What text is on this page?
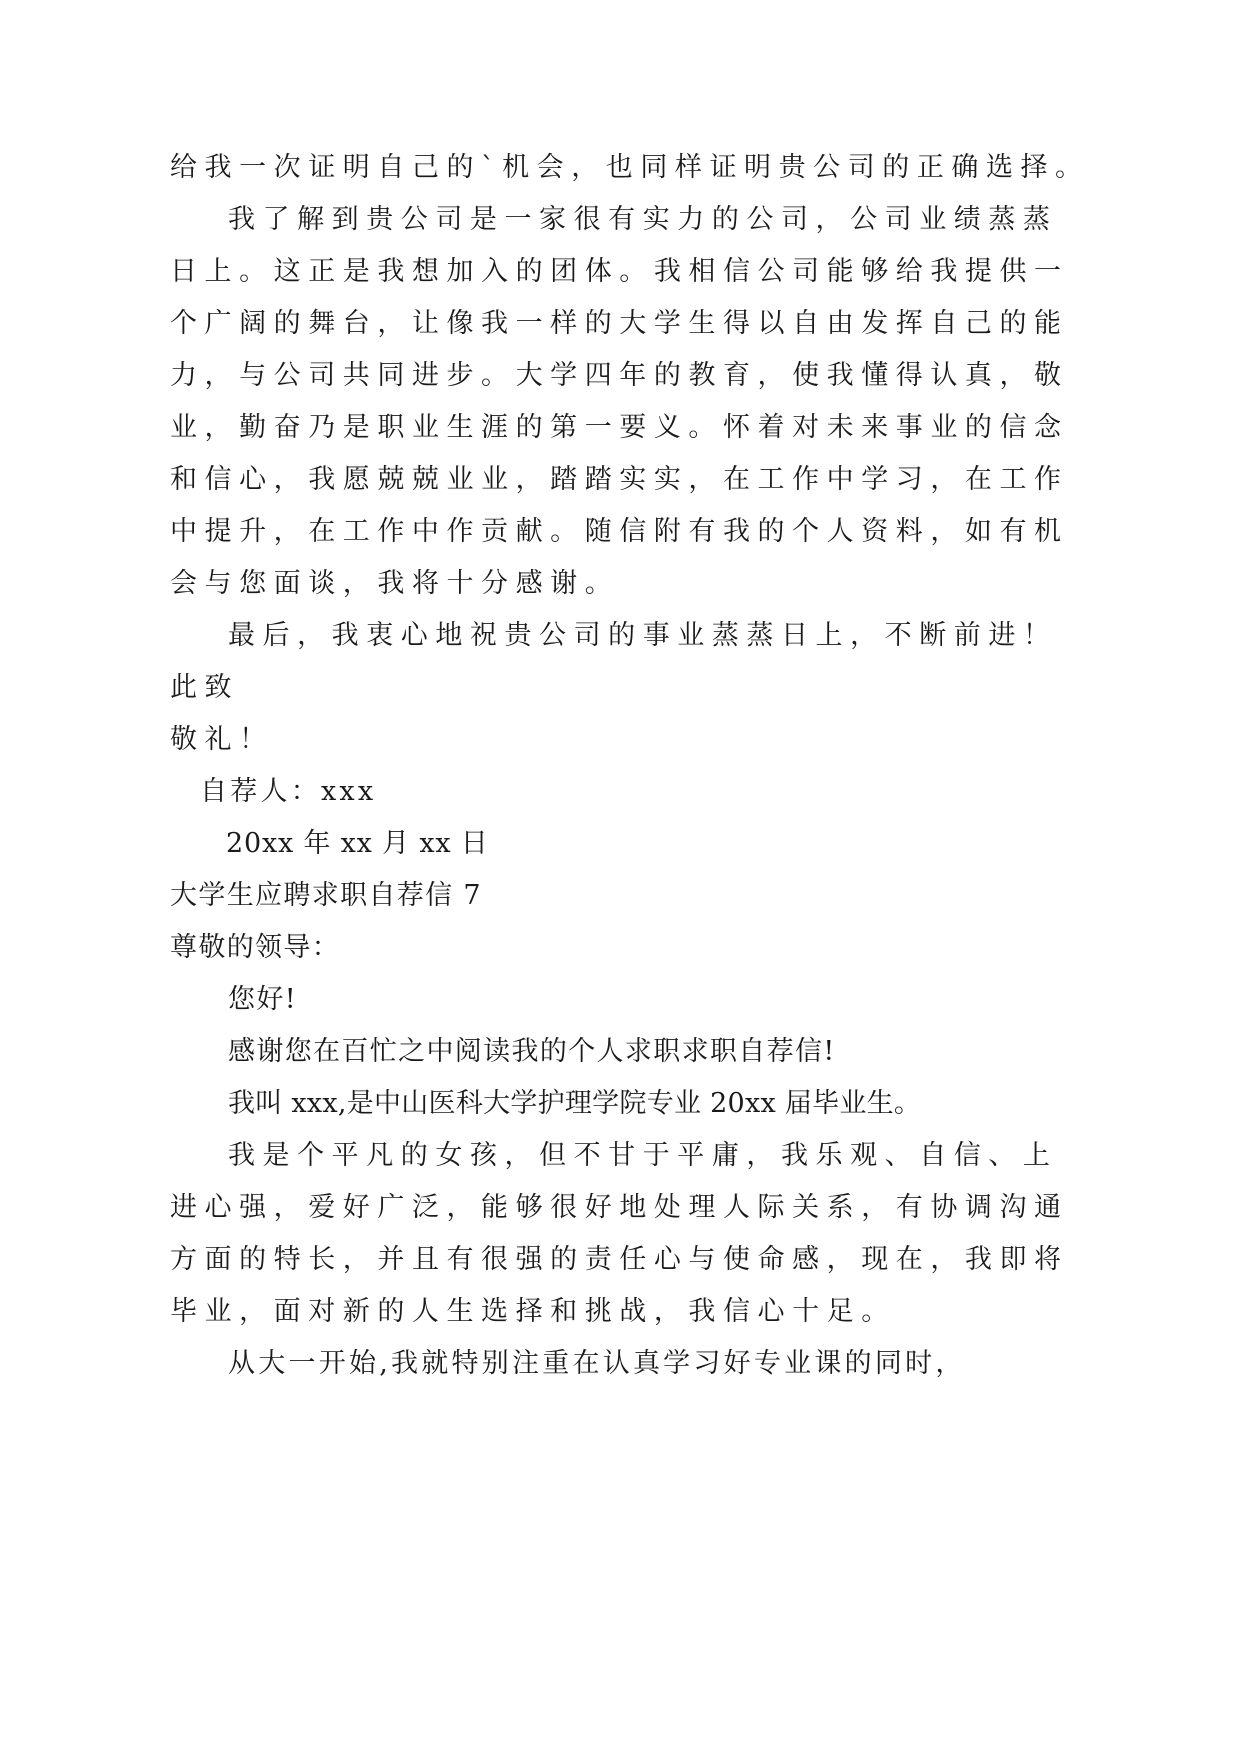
给我一次证明自己的`机会，也同样证明贵公司的正确选择。
我了解到贵公司是一家很有实力的公司，公司业绩蒸蒸
日上。这正是我想加入的团体。我相信公司能够给我提供一
个广阔的舞台，让像我一样的大学生得以自由发挥自己的能
力，与公司共同进步。大学四年的教育，使我懂得认真，敬
业，勤奋乃是职业生涯的第一要义。怀着对未来事业的信念
和信心，我愿兢兢业业，踏踏实实，在工作中学习，在工作
中提升，在工作中作贡献。随信附有我的个人资料，如有机
会与您面谈，我将十分感谢。
最后，我衷心地祝贵公司的事业蒸蒸日上，不断前进！
此致
敬礼！
自荐人：xxx
20xx 年 xx 月 xx 日
大学生应聘求职自荐信 7
尊敬的领导：
您好!
感谢您在百忙之中阅读我的个人求职求职自荐信!
我叫 xxx,是中山医科大学护理学院专业 20xx 届毕业生。
我是个平凡的女孩，但不甘于平庸，我乐观、自信、上
进心强，爱好广泛，能够很好地处理人际关系，有协调沟通
方面的特长，并且有很强的责任心与使命感，现在，我即将
毕业，面对新的人生选择和挑战，我信心十足。
从大一开始,我就特别注重在认真学习好专业课的同时，
